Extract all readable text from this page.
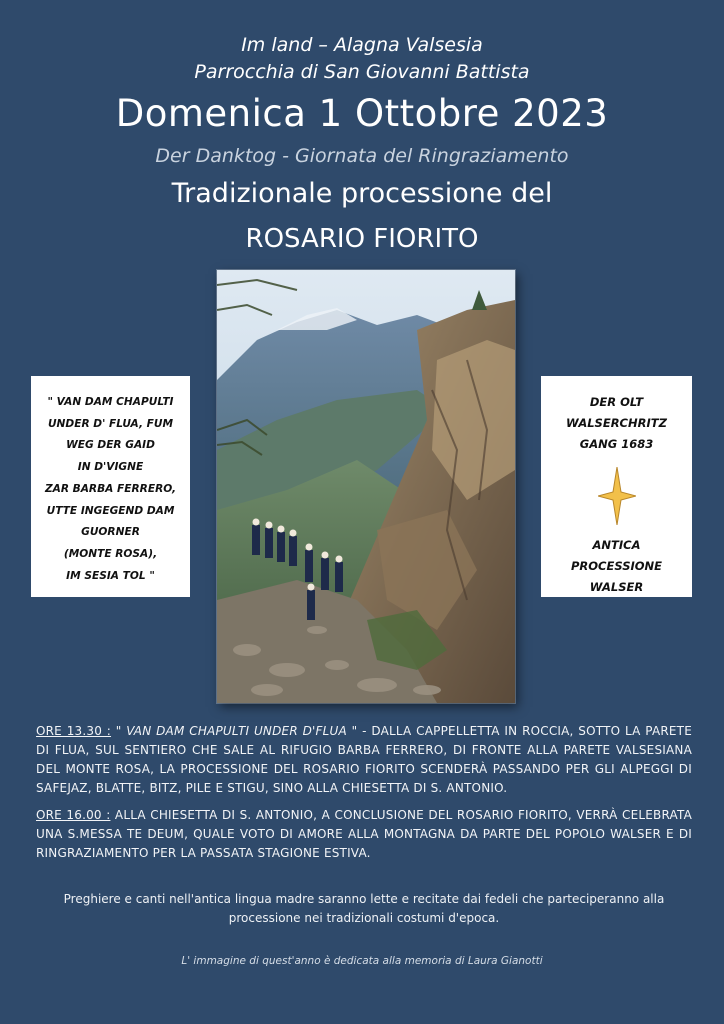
Im land – Alagna Valsesia
Parrocchia di San Giovanni Battista
Domenica 1 Ottobre 2023
Der Danktog - Giornata del Ringraziamento
Tradizionale processione del
ROSARIO FIORITO
" VAN DAM CHAPULTI
UNDER D' FLUA, FUM
WEG DER GAID
IN D'VIGNE
ZAR BARBA FERRERO,
UTTE INGEGEND DAM
GUORNER
(MONTE ROSA),
IM SESIA TOL "
DER OLT
WALSERCHRITZ
GANG 1683
ANTICA
PROCESSIONE
WALSER
ORE 13.30 : " VAN DAM CHAPULTI UNDER D'FLUA " - DALLA CAPPELLETTA IN ROCCIA, SOTTO LA PARETE DI FLUA, SUL SENTIERO CHE SALE AL RIFUGIO BARBA FERRERO, DI FRONTE ALLA PARETE VALSESIANA DEL MONTE ROSA, LA PROCESSIONE DEL ROSARIO FIORITO SCENDERÀ PASSANDO PER GLI ALPEGGI DI SAFEJAZ, BLATTE, BITZ, PILE E STIGU, SINO ALLA CHIESETTA DI S. ANTONIO.
ORE 16.00 : ALLA CHIESETTA DI S. ANTONIO, A CONCLUSIONE DEL ROSARIO FIORITO, VERRÀ CELEBRATA UNA S.MESSA TE DEUM, QUALE VOTO DI AMORE ALLA MONTAGNA DA PARTE DEL POPOLO WALSER E DI RINGRAZIAMENTO PER LA PASSATA STAGIONE ESTIVA.
Preghiere e canti nell'antica lingua madre saranno lette e recitate dai fedeli che parteciperanno alla processione nei tradizionali costumi d'epoca.
L' immagine di quest'anno è dedicata alla memoria di Laura Gianotti
